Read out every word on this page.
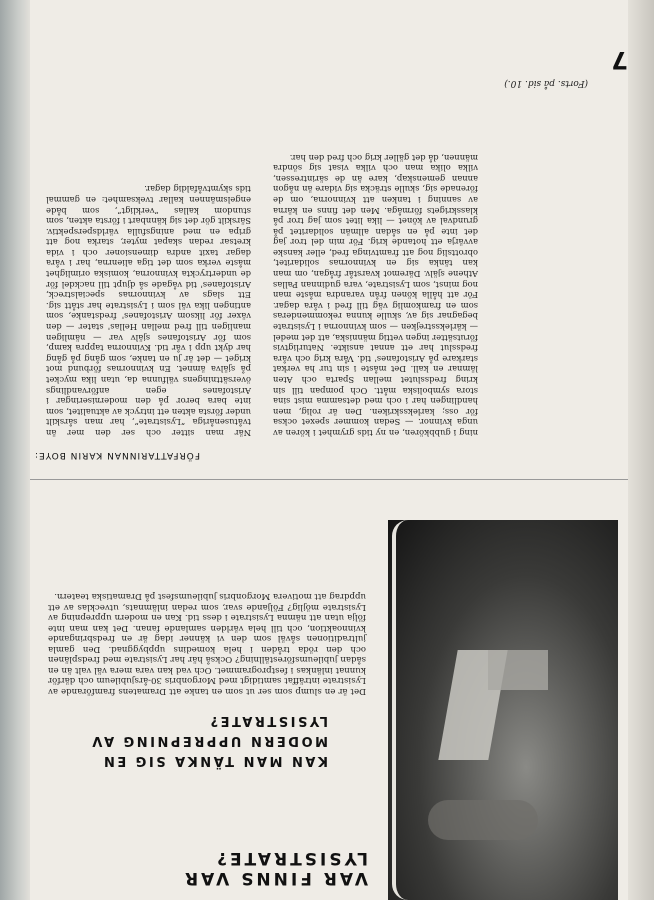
VAR FINNS VAR LYSISTRATE?
KAN MAN TÄNKA SIG EN MODERN UPPREPNING AV LYSISTRATE?

Det är en slump som ser ut som en tanke att Dramatens framförande av Lysistrate inträffat samtidigt med Morgonbris 30-årsjubileum och därför kunnat inlänkas i festprogrammet. Och vad kan vara mera väl valt än en sådan jubileumsföreställning? Också här har Lysistrate med fredsplänen och den röda tråden i hela komedins uppbyggnad. Den gamla jultraditionen såväl som den vi känner idag är en fredsbringande kvinnoaktion, och till hela världen samlande fanan. Det kan man inte följa utan att nämna Lysistrate i dess tid. Kan en modern upprepning av Lysistrate möjlig? Följande svar, som redan inlämnats, utvecklas av ett uppdrag att motivera Morgonbris jubileumsfest på Dramatiska teatern.

FÖRFATTARINNAN KARIN BOYE:

När man sitter och ser den mer än tvåtusenåriga ”Lysistrate”, har man sårskilt under första akten ett intryck av aktualitet, som inte bara beror på den moderniseringar i Aristofanes egen anförvandlings översättningens välfunna da, utan lika mycket på själva ämnet. En kvinnornas förbund mot kriget — det är ju en tanke, som gång på gång har dykt upp i vår tid. Kvinnorna tappra kamp, som för Aristofanes själv var — nämligen manligen till fred mellan Hellas' stater — den växer för liksom Aristofanes' fredstanke, som antingen lika väl som i Lysistrate har stått sig. Ett slags av kvinnornas specialstreck, Aristofanes' tid vågade så djupt till nackdel för de undertryckta kvinnorna, komiska orimlighet måste verka som det tiga alienrna, har i våra dagar taxit andra dimensioner och i vida kretsar redan skapat myter, starka nog att gripa en med aningsfulla världsperspektiv. Särskilt gör det sig kännbart i första akten, som stundom kallas ”verkligt”, som både engelsmännen kallar tveksamhet: en gammal tids skymtvåfaldig dagar.

ning i gubbkören, en ny tids grymhet i kören av unga kvinnor. — Sedan kommer spexet ocksa för oss; karleksskriken. Den är rolig, men handlingen har i och med detsamma mist sina stora symboliska mått. Och pompan till sin kring fredsslutet mellan Sparta och Aten lämnar en kall. Det måste i sin tur ha verkat starkare på Aristofanes' tid. Våra krig och våra fredsslut har ett annat ansikte. Naturligtvis förutsätter ingen vettig människa, att det medel — kärleksstrejken — som kvinnorna i Lysistrate begagnar sig av, skulle kunna rekommenderas som en framkomlig väg till fred i våra dagar. För att hålla könen från varandra måste man nog minst, som Lysistrate, vara gudinnan Pallas Athene själv. Däremot kvarstår frågan, om man kan tänka sig en kvinnornas solidaritet, obrottslig nog att framtvinga fred, eller kanske avvärja ett hotande krig. För min del tror jag det inte på en sådan allmän solidaritet på grundval av könet — lika litet som jag tror på klasskrigets förmåga. Men det finns en kärna av sanning i tanken att kvinnorna, om de förenade sig, skulle sträcka sig vidare än någon annan gemenskap, kare än de särintressen, vilka olika man och vilka visat sig söndra männen, då det gäller krig och fred den har.

(Forts. på sid. 10.)
7
